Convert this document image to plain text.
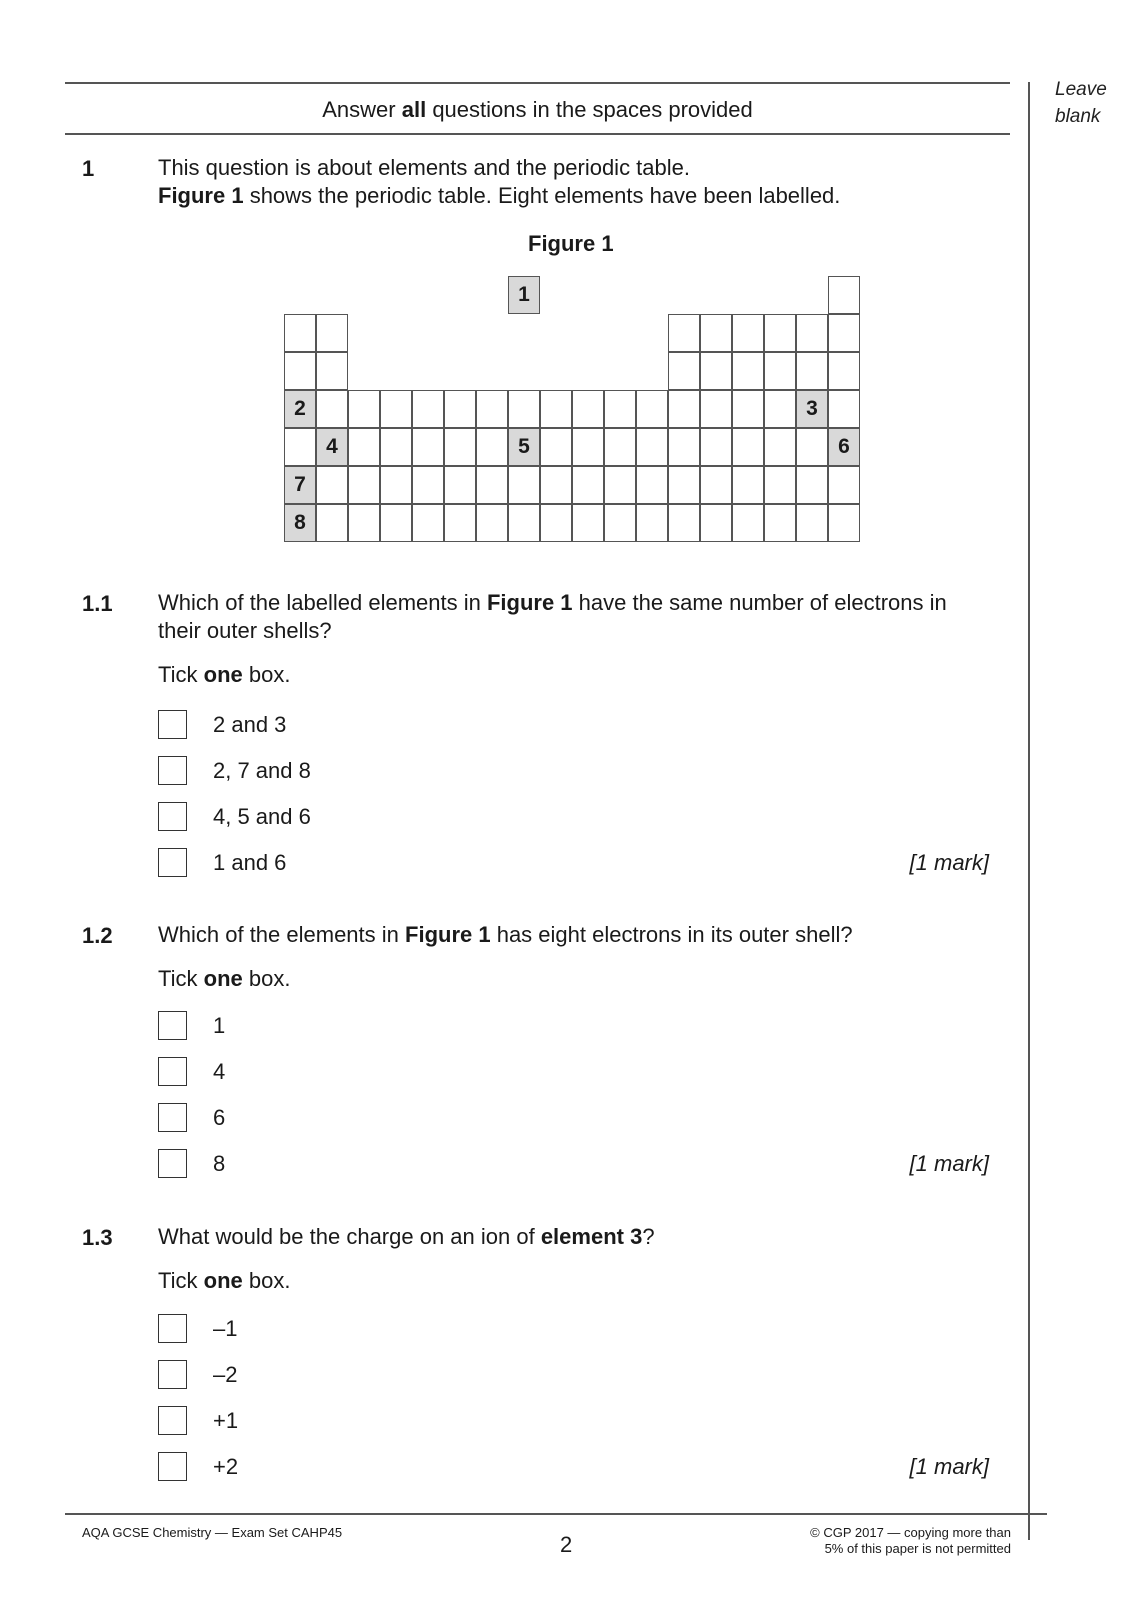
Leave
blank
Answer all questions in the spaces provided
1	This question is about elements and the periodic table.
Figure 1 shows the periodic table. Eight elements have been labelled.
Figure 1
1
2	3
4	5	6
7
8
1.1 Which of the labelled elements in Figure 1 have the same number of electrons in
their outer shells?
Tick one box.
2 and 3
2, 7 and 8
4, 5 and 6
1 and 6	[1 mark]
1.2 Which of the elements in Figure 1 has eight electrons in its outer shell?
Tick one box.
1
4
6
8	[1 mark]
1.3 What would be the charge on an ion of element 3?
Tick one box.
–1
–2
+1
+2	[1 mark]
AQA GCSE Chemistry — Exam Set CAHP45	2	© CGP 2017 — copying more than
5% of this paper is not permitted
